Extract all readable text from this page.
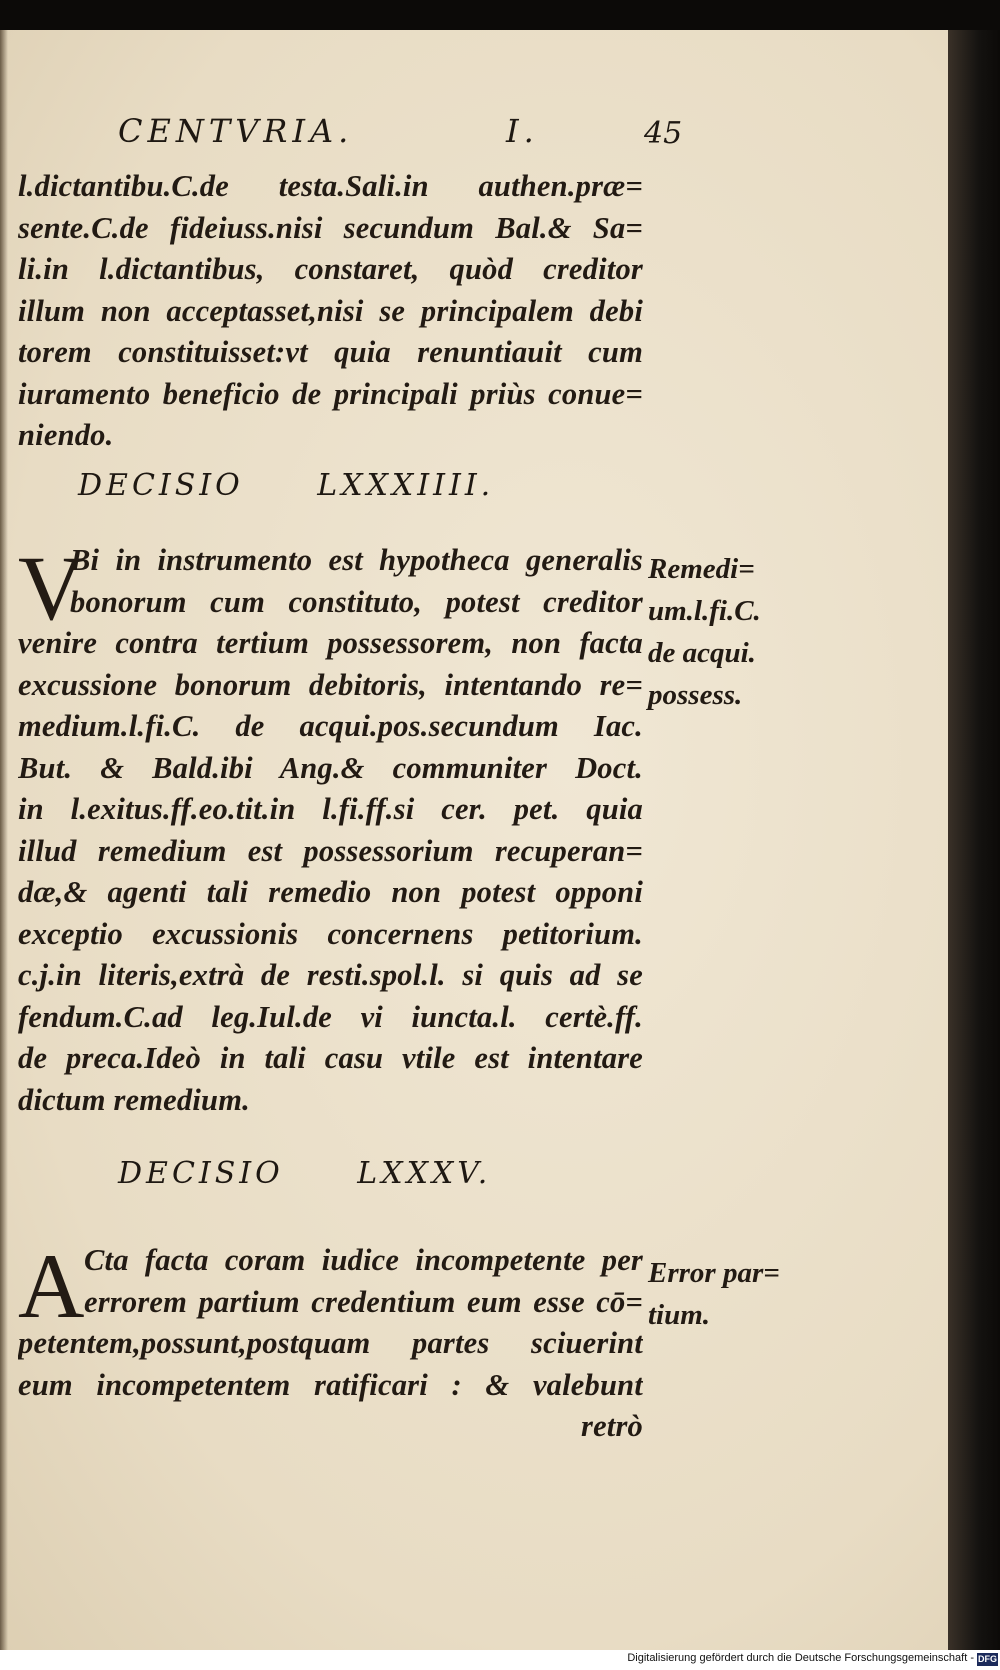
CENTVRIA.	I.	45
l.dictantibu.C.de testa.Sali.in authen.præ=
sente.C.de fideiuss.nisi secundum Bal.& Sa=
li.in l.dictantibus, constaret, quòd creditor
illum non acceptasset,nisi se principalem debi
torem constituisset:vt quia renuntiauit cum
iuramento beneficio de principali priùs conue=
niendo.
DECISIO LXXXIIII.
V
Bi in instrumento est hypotheca generalis
bonorum cum constituto, potest creditor
venire contra tertium possessorem, non facta
excussione bonorum debitoris, intentando re=
medium.l.fi.C. de acqui.pos.secundum Iac.
But. & Bald.ibi Ang.& communiter Doct.
in l.exitus.ff.eo.tit.in l.fi.ff.si cer. pet. quia
illud remedium est possessorium recuperan=
dæ,& agenti tali remedio non potest opponi
exceptio excussionis concernens petitorium.
c.j.in literis,extrà de resti.spol.l. si quis ad se
fendum.C.ad leg.Iul.de vi iuncta.l. certè.ff.
de preca.Ideò in tali casu vtile est intentare
dictum remedium.
Remedi=
um.l.fi.C.
de acqui.
possess.
DECISIO LXXXV.
A Cta facta coram iudice incompetente per
errorem partium credentium eum esse cō=
petentem,possunt,postquam partes sciuerint
eum incompetentem ratificari : & valebunt
retrò
Error par=
tium.
Digitalisierung gefördert durch die Deutsche Forschungsgemeinschaft - DFG
